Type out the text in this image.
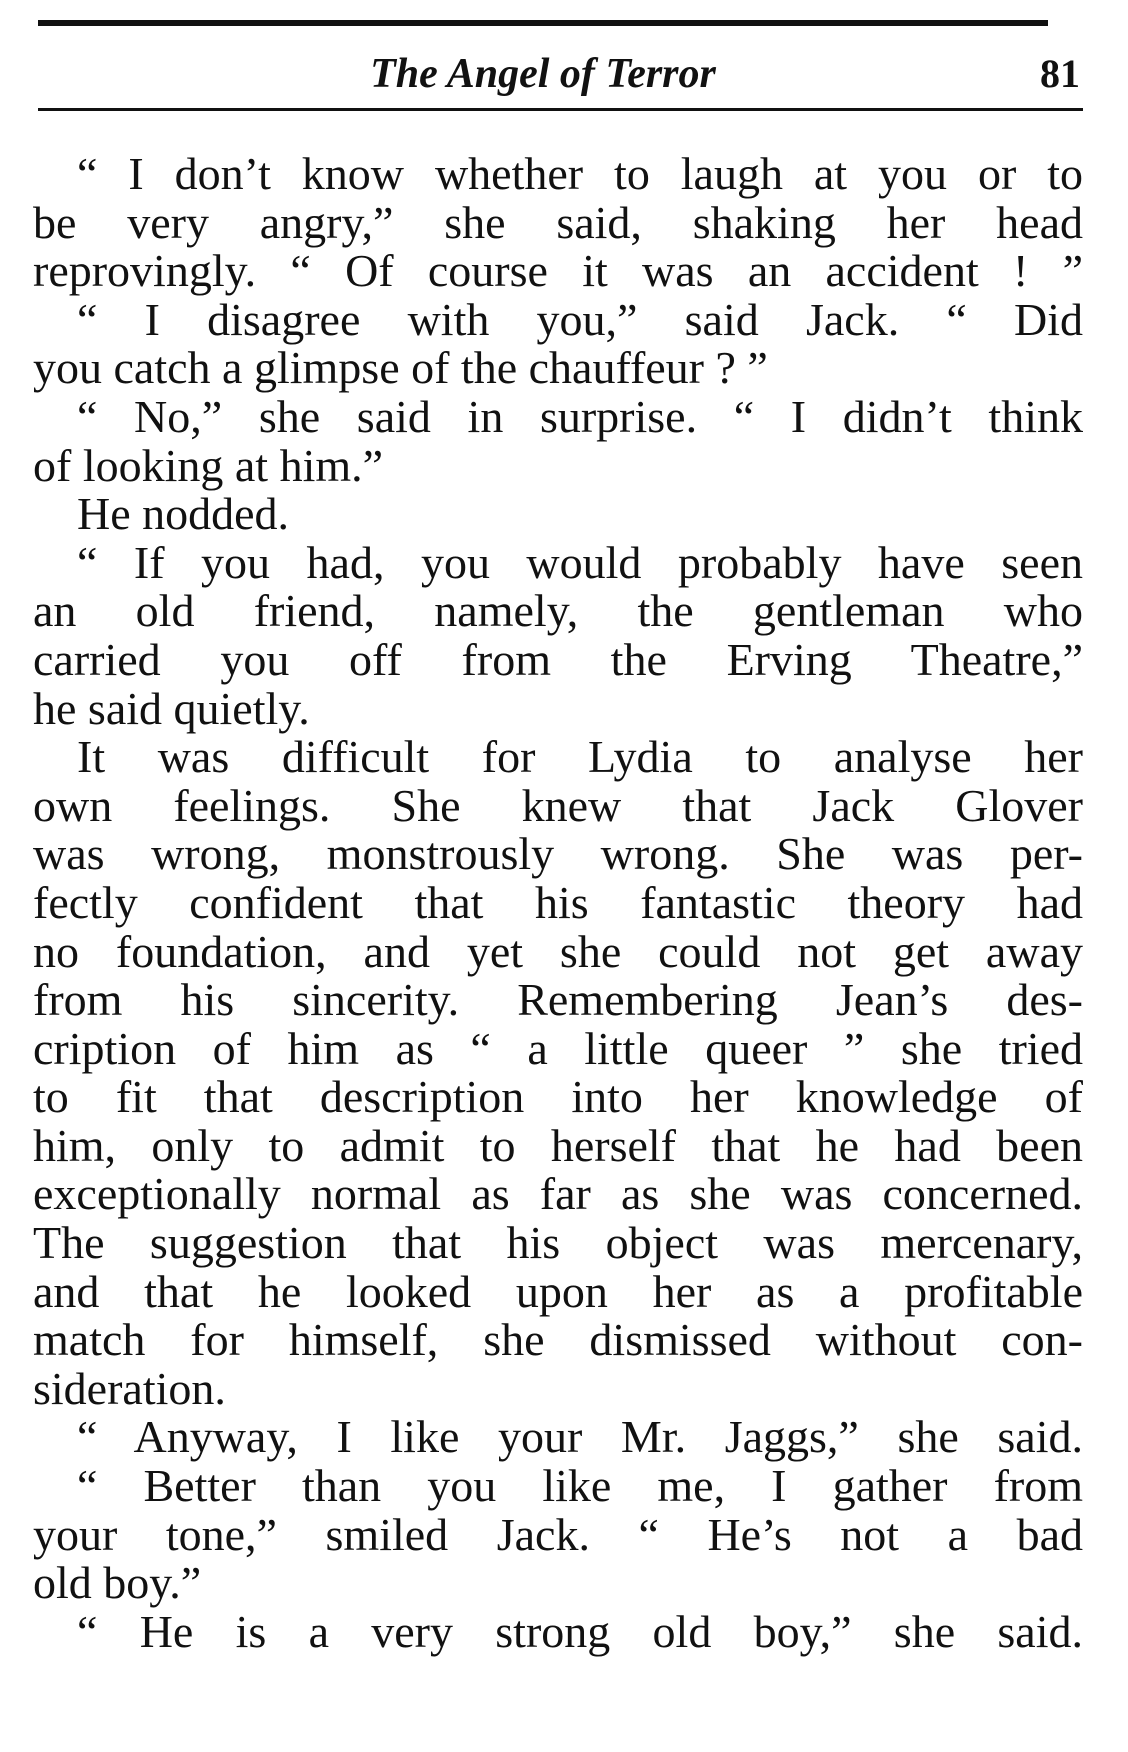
The Angel of Terror	81
“ I don’t know whether to laugh at you or to
be very angry,” she said, shaking her head
reprovingly. “ Of course it was an accident ! ”
“ I disagree with you,” said Jack. “ Did
you catch a glimpse of the chauffeur ? ”
“ No,” she said in surprise. “ I didn’t think
of looking at him.”
He nodded.
“ If you had, you would probably have seen
an old friend, namely, the gentleman who
carried you off from the Erving Theatre,”
he said quietly.
It was difficult for Lydia to analyse her
own feelings. She knew that Jack Glover
was wrong, monstrously wrong. She was per-
fectly confident that his fantastic theory had
no foundation, and yet she could not get away
from his sincerity. Remembering Jean’s des-
cription of him as “ a little queer ” she tried
to fit that description into her knowledge of
him, only to admit to herself that he had been
exceptionally normal as far as she was concerned.
The suggestion that his object was mercenary,
and that he looked upon her as a profitable
match for himself, she dismissed without con-
sideration.
“ Anyway, I like your Mr. Jaggs,” she said.
“ Better than you like me, I gather from
your tone,” smiled Jack. “ He’s not a bad
old boy.”
“ He is a very strong old boy,” she said.
